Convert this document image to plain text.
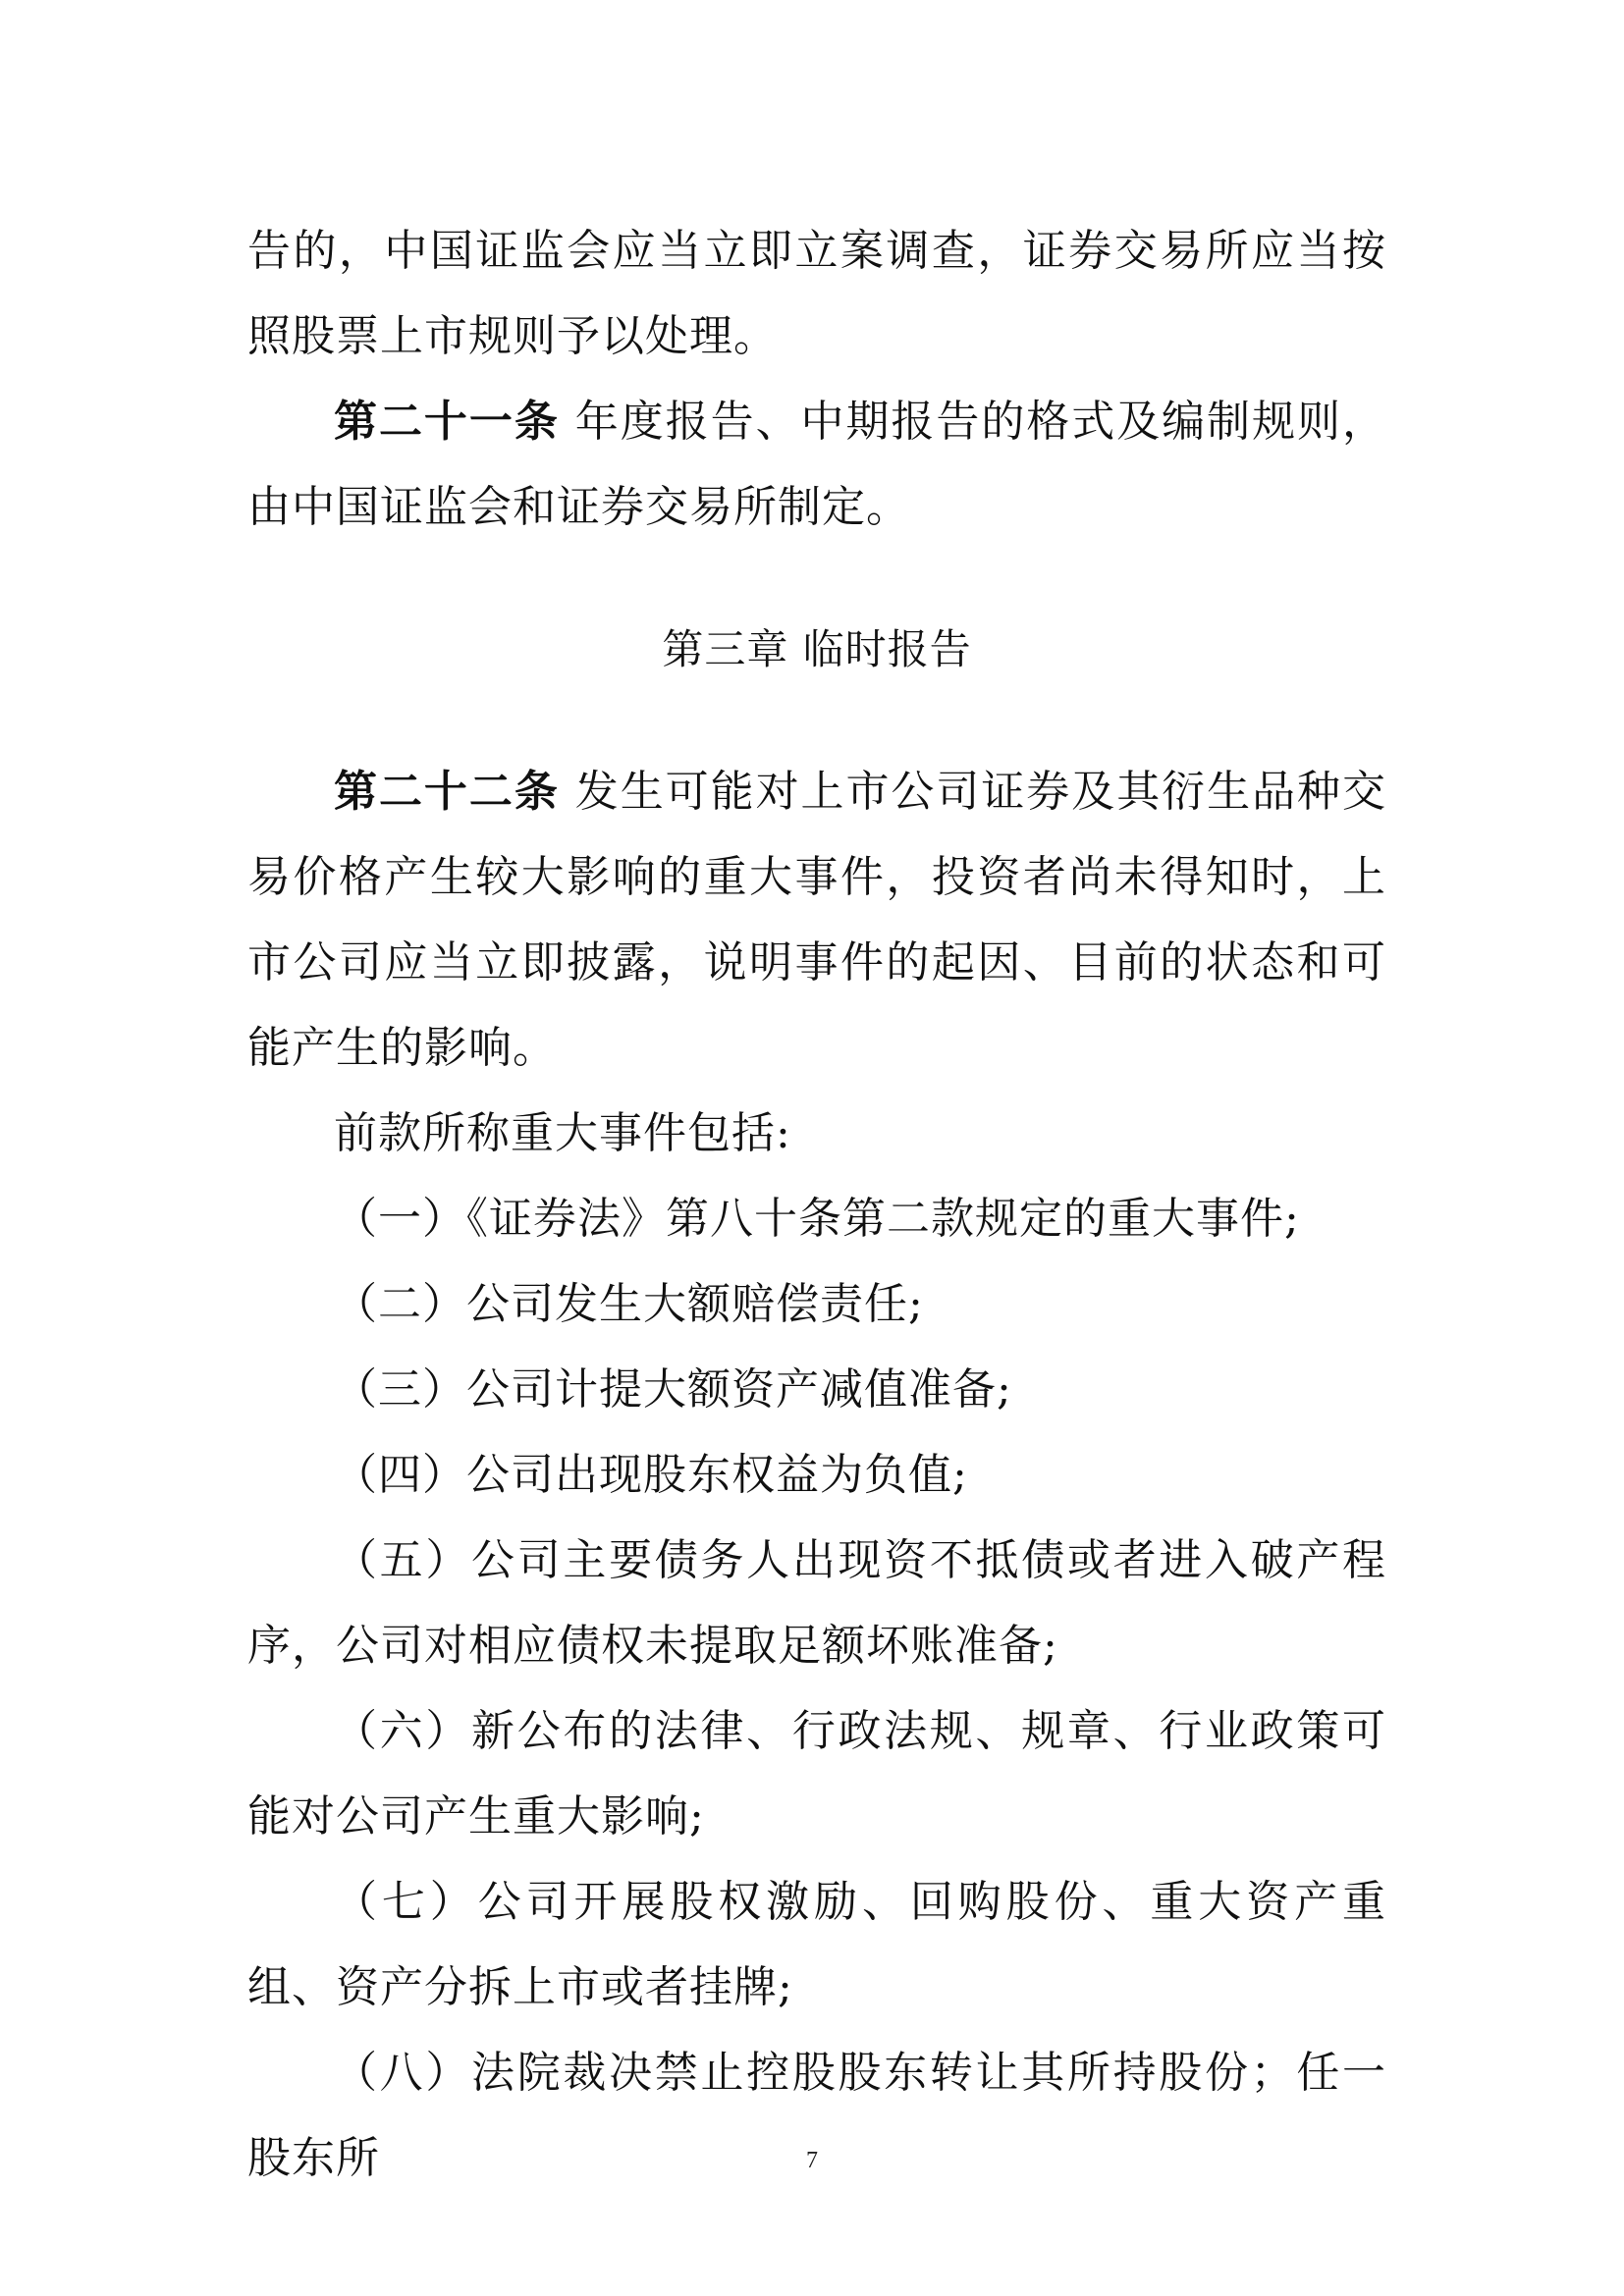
告的，中国证监会应当立即立案调查，证券交易所应当按照股票上市规则予以处理。

第二十一条 年度报告、中期报告的格式及编制规则，由中国证监会和证券交易所制定。

第三章 临时报告

第二十二条 发生可能对上市公司证券及其衍生品种交易价格产生较大影响的重大事件，投资者尚未得知时，上市公司应当立即披露，说明事件的起因、目前的状态和可能产生的影响。

前款所称重大事件包括:

（一）《证券法》第八十条第二款规定的重大事件;

（二）公司发生大额赔偿责任;

（三）公司计提大额资产减值准备;

（四）公司出现股东权益为负值;

（五）公司主要债务人出现资不抵债或者进入破产程序，公司对相应债权未提取足额坏账准备;

（六）新公布的法律、行政法规、规章、行业政策可能对公司产生重大影响;

（七）公司开展股权激励、回购股份、重大资产重组、资产分拆上市或者挂牌;

（八）法院裁决禁止控股股东转让其所持股份；任一股东所	7
